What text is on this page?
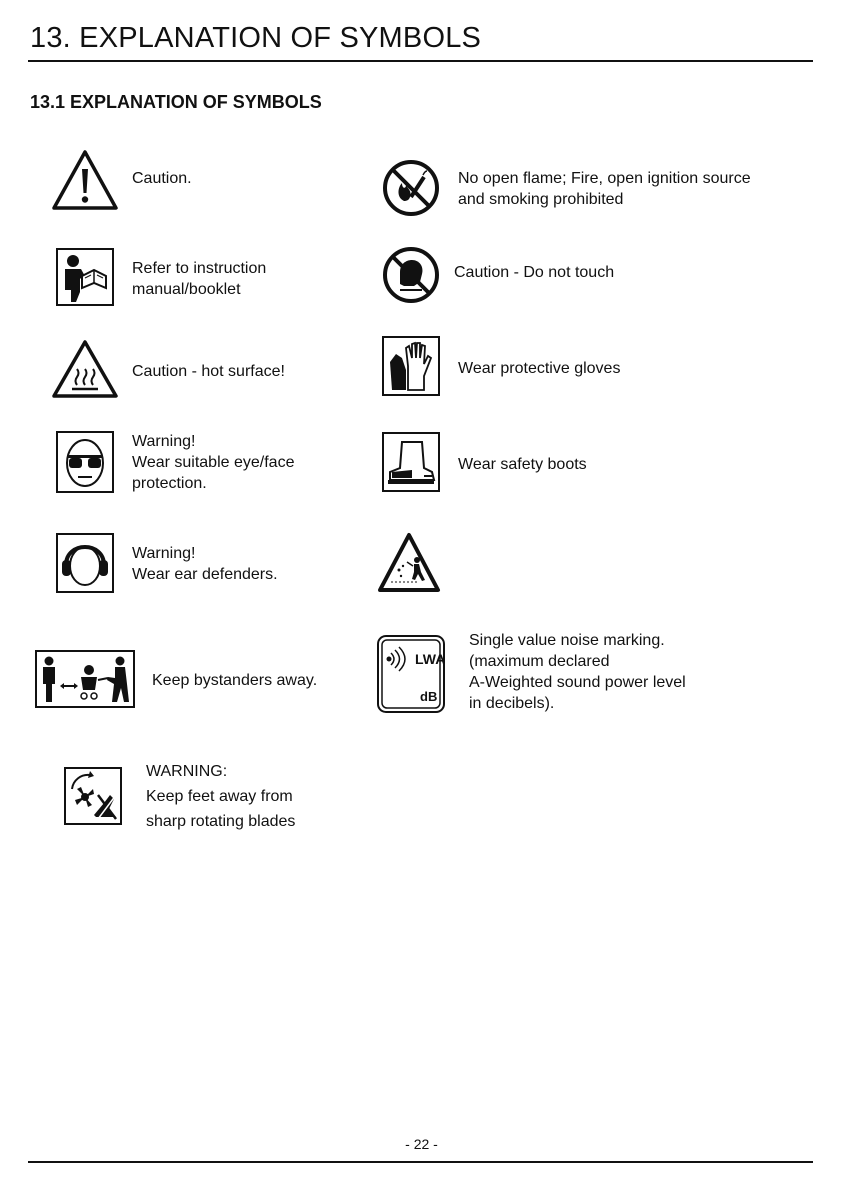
13. EXPLANATION OF SYMBOLS
13.1 EXPLANATION OF SYMBOLS
Caution.
Refer to instruction
manual/booklet
Caution - hot surface!
Warning!
Wear suitable eye/face
protection.
Warning!
Wear ear defenders.
Keep bystanders away.
WARNING:
Keep feet away from
sharp rotating blades
No open flame; Fire, open ignition source
and smoking prohibited
Caution - Do not touch
Wear protective gloves
Wear safety boots
LWA
dB
Single value noise marking.
(maximum declared
A-Weighted sound power level
in decibels).
- 22 -
